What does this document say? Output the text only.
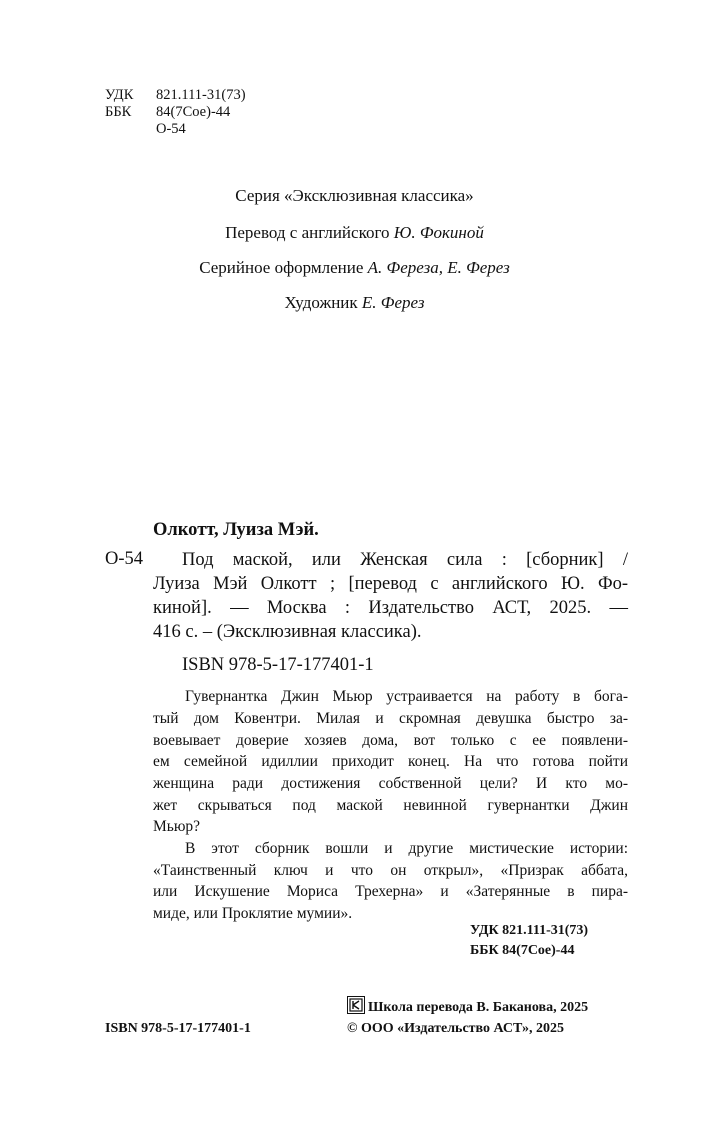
УДК 821.111-31(73)
ББК 84(7Сое)-44
О-54
Серия «Эксклюзивная классика»
Перевод с английского Ю. Фокиной
Серийное оформление А. Фереза, Е. Ферез
Художник Е. Ферез
Олкотт, Луиза Мэй.
О-54 Под маской, или Женская сила : [сборник] /
Луиза Мэй Олкотт ; [перевод с английского Ю. Фо-
киной]. — Москва : Издательство АСТ, 2025. —
416 с. – (Эксклюзивная классика).
ISBN 978-5-17-177401-1
Гувернантка Джин Мьюр устраивается на работу в бога-
тый дом Ковентри. Милая и скромная девушка быстро за-
воевывает доверие хозяев дома, вот только с ее появлени-
ем семейной идиллии приходит конец. На что готова пойти
женщина ради достижения собственной цели? И кто мо-
жет скрываться под маской невинной гувернантки Джин
Мьюр?
В этот сборник вошли и другие мистические истории:
«Таинственный ключ и что он открыл», «Призрак аббата,
или Искушение Мориса Трехерна» и «Затерянные в пира-
миде, или Проклятие мумии».
УДК 821.111-31(73)
ББК 84(7Сое)-44
ISBN 978-5-17-177401-1
Школа перевода В. Баканова, 2025
© ООО «Издательство АСТ», 2025
